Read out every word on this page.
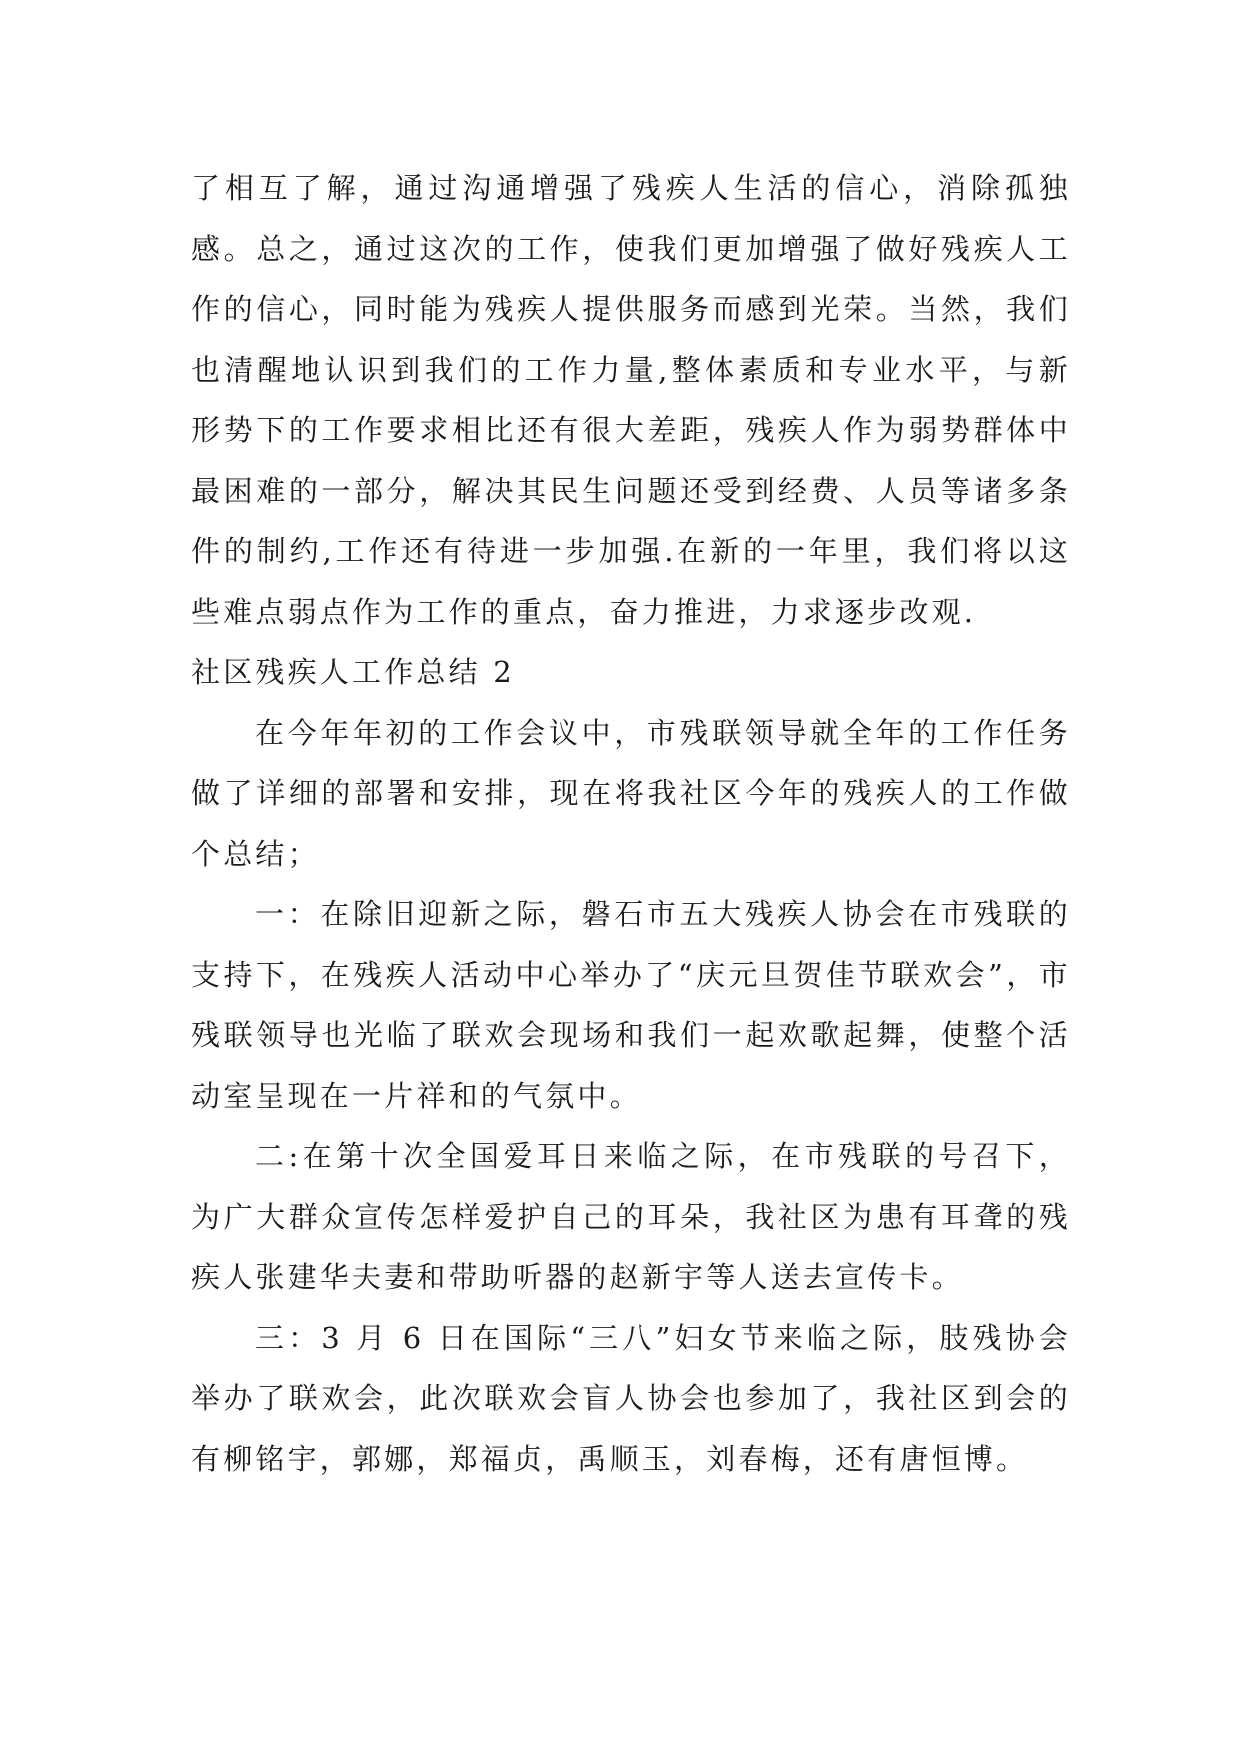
了相互了解，通过沟通增强了残疾人生活的信心，消除孤独感。总之，通过这次的工作，使我们更加增强了做好残疾人工作的信心，同时能为残疾人提供服务而感到光荣。当然，我们也清醒地认识到我们的工作力量,整体素质和专业水平，与新形势下的工作要求相比还有很大差距，残疾人作为弱势群体中最困难的一部分，解决其民生问题还受到经费、人员等诸多条件的制约,工作还有待进一步加强.在新的一年里，我们将以这些难点弱点作为工作的重点，奋力推进，力求逐步改观.

社区残疾人工作总结 2

在今年年初的工作会议中，市残联领导就全年的工作任务做了详细的部署和安排，现在将我社区今年的残疾人的工作做个总结；

一：在除旧迎新之际，磐石市五大残疾人协会在市残联的支持下，在残疾人活动中心举办了“庆元旦贺佳节联欢会”，市残联领导也光临了联欢会现场和我们一起欢歌起舞，使整个活动室呈现在一片祥和的气氛中。

二:在第十次全国爱耳日来临之际，在市残联的号召下，为广大群众宣传怎样爱护自己的耳朵，我社区为患有耳聋的残疾人张建华夫妻和带助听器的赵新宇等人送去宣传卡。

三：3 月 6 日在国际“三八”妇女节来临之际，肢残协会举办了联欢会，此次联欢会盲人协会也参加了，我社区到会的有柳铭宇，郭娜，郑福贞，禹顺玉，刘春梅，还有唐恒博。
